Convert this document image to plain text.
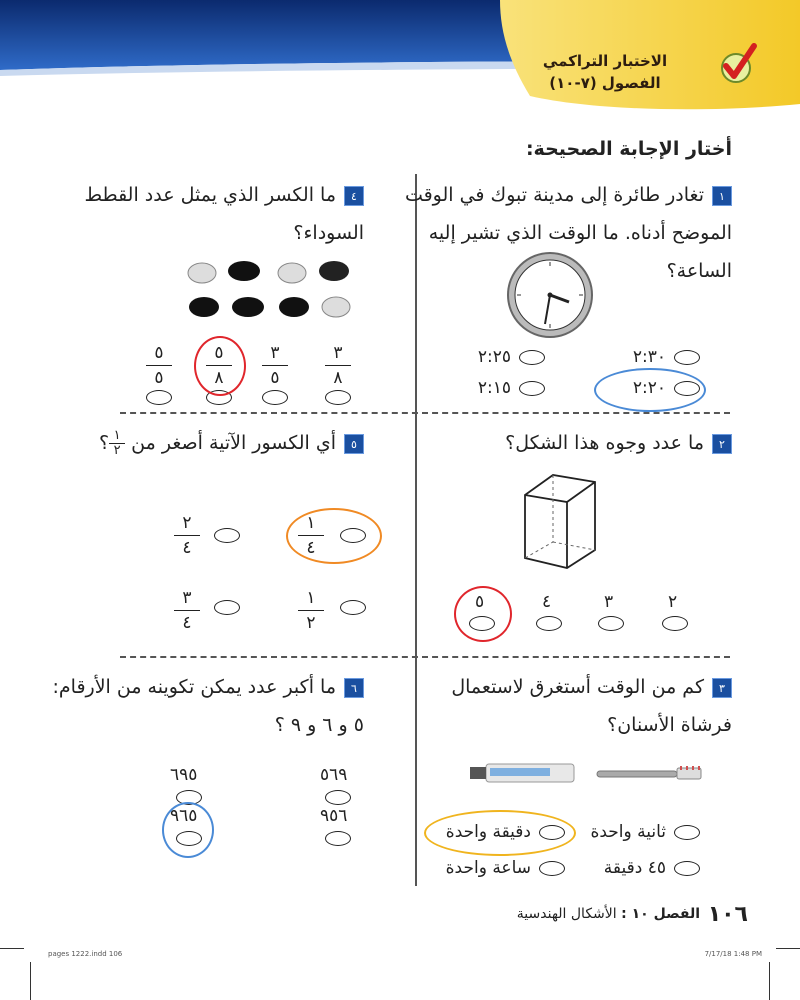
الاختبار التراكمي
الفصول (٧-١٠)
أختار الإجابة الصحيحة:
١تغادر طائرة إلى مدينة تبوك في الوقت الموضح أدناه. ما الوقت الذي تشير إليه الساعة؟
٢:٣٠
٢:٢٥
٢:٢٠
٢:١٥
٤ما الكسر الذي يمثل عدد القطط السوداء؟
٣
٨
٣
٥
٥
٨
٥
٥
٢ما عدد وجوه هذا الشكل؟
٢
٣
٤
٥
٥أي الكسور الآتية أصغر من
١
٢
؟
١
٤
٢
٤
١
٢
٣
٤
٣كم من الوقت أستغرق لاستعمال فرشاة الأسنان؟
ثانية واحدة
دقيقة واحدة
٤٥ دقيقة
ساعة واحدة
٦ما أكبر عدد يمكن تكوينه من الأرقام:
٥ و ٦ و ٩ ؟
٥٦٩
٦٩٥
٩٥٦
٩٦٥
١٠٦
الفصل ١٠ : الأشكال الهندسية
pages 1222.indd 106	7/17/18 1:48 PM
